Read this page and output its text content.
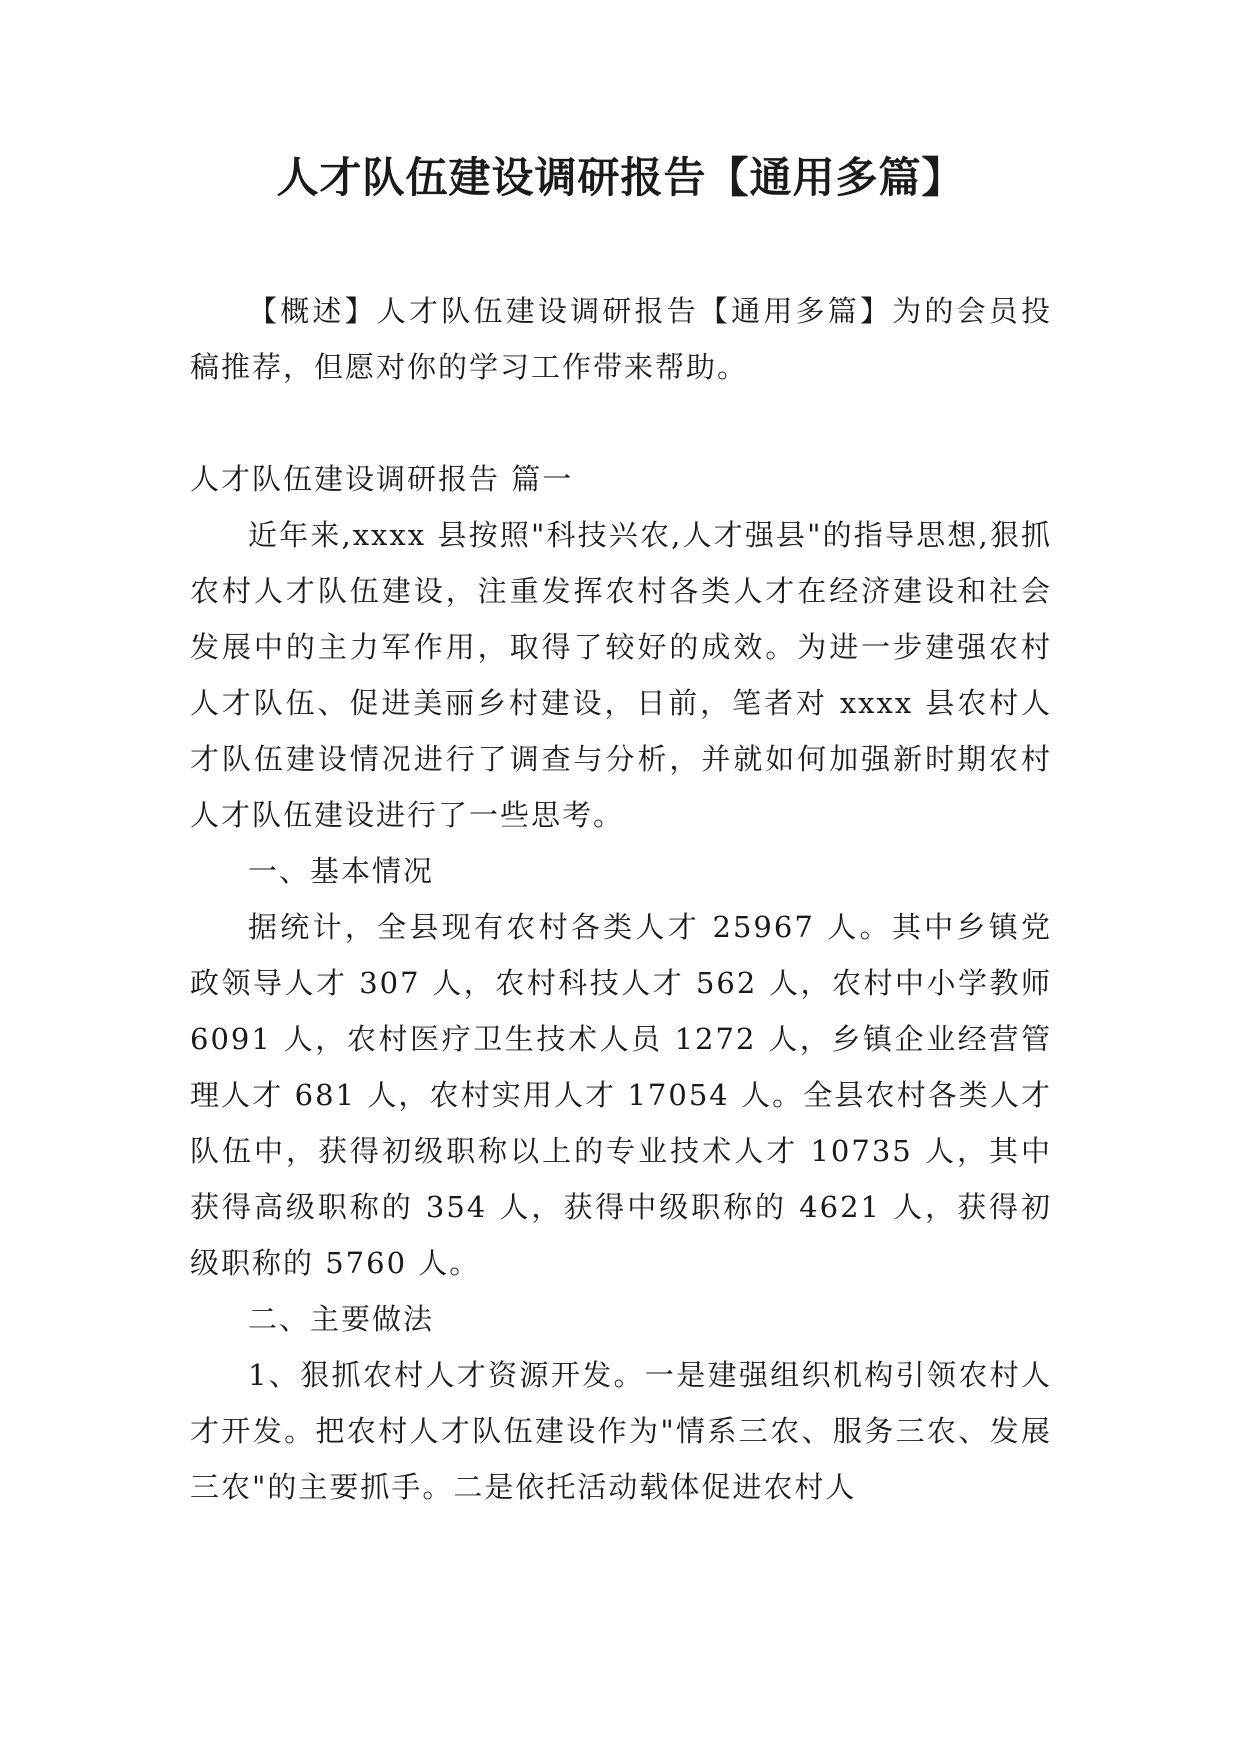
人才队伍建设调研报告【通用多篇】

【概述】人才队伍建设调研报告【通用多篇】为的会员投稿推荐，但愿对你的学习工作带来帮助。

人才队伍建设调研报告 篇一

近年来,xxxx 县按照"科技兴农,人才强县"的指导思想,狠抓农村人才队伍建设，注重发挥农村各类人才在经济建设和社会发展中的主力军作用，取得了较好的成效。为进一步建强农村人才队伍、促进美丽乡村建设，日前，笔者对 xxxx 县农村人才队伍建设情况进行了调查与分析，并就如何加强新时期农村人才队伍建设进行了一些思考。

一、基本情况

据统计，全县现有农村各类人才 25967 人。其中乡镇党政领导人才 307 人，农村科技人才 562 人，农村中小学教师 6091 人，农村医疗卫生技术人员 1272 人，乡镇企业经营管理人才 681 人，农村实用人才 17054 人。全县农村各类人才队伍中，获得初级职称以上的专业技术人才 10735 人，其中获得高级职称的 354 人，获得中级职称的 4621 人，获得初级职称的 5760 人。

二、主要做法

1、狠抓农村人才资源开发。一是建强组织机构引领农村人才开发。把农村人才队伍建设作为"情系三农、服务三农、发展三农"的主要抓手。二是依托活动载体促进农村人
